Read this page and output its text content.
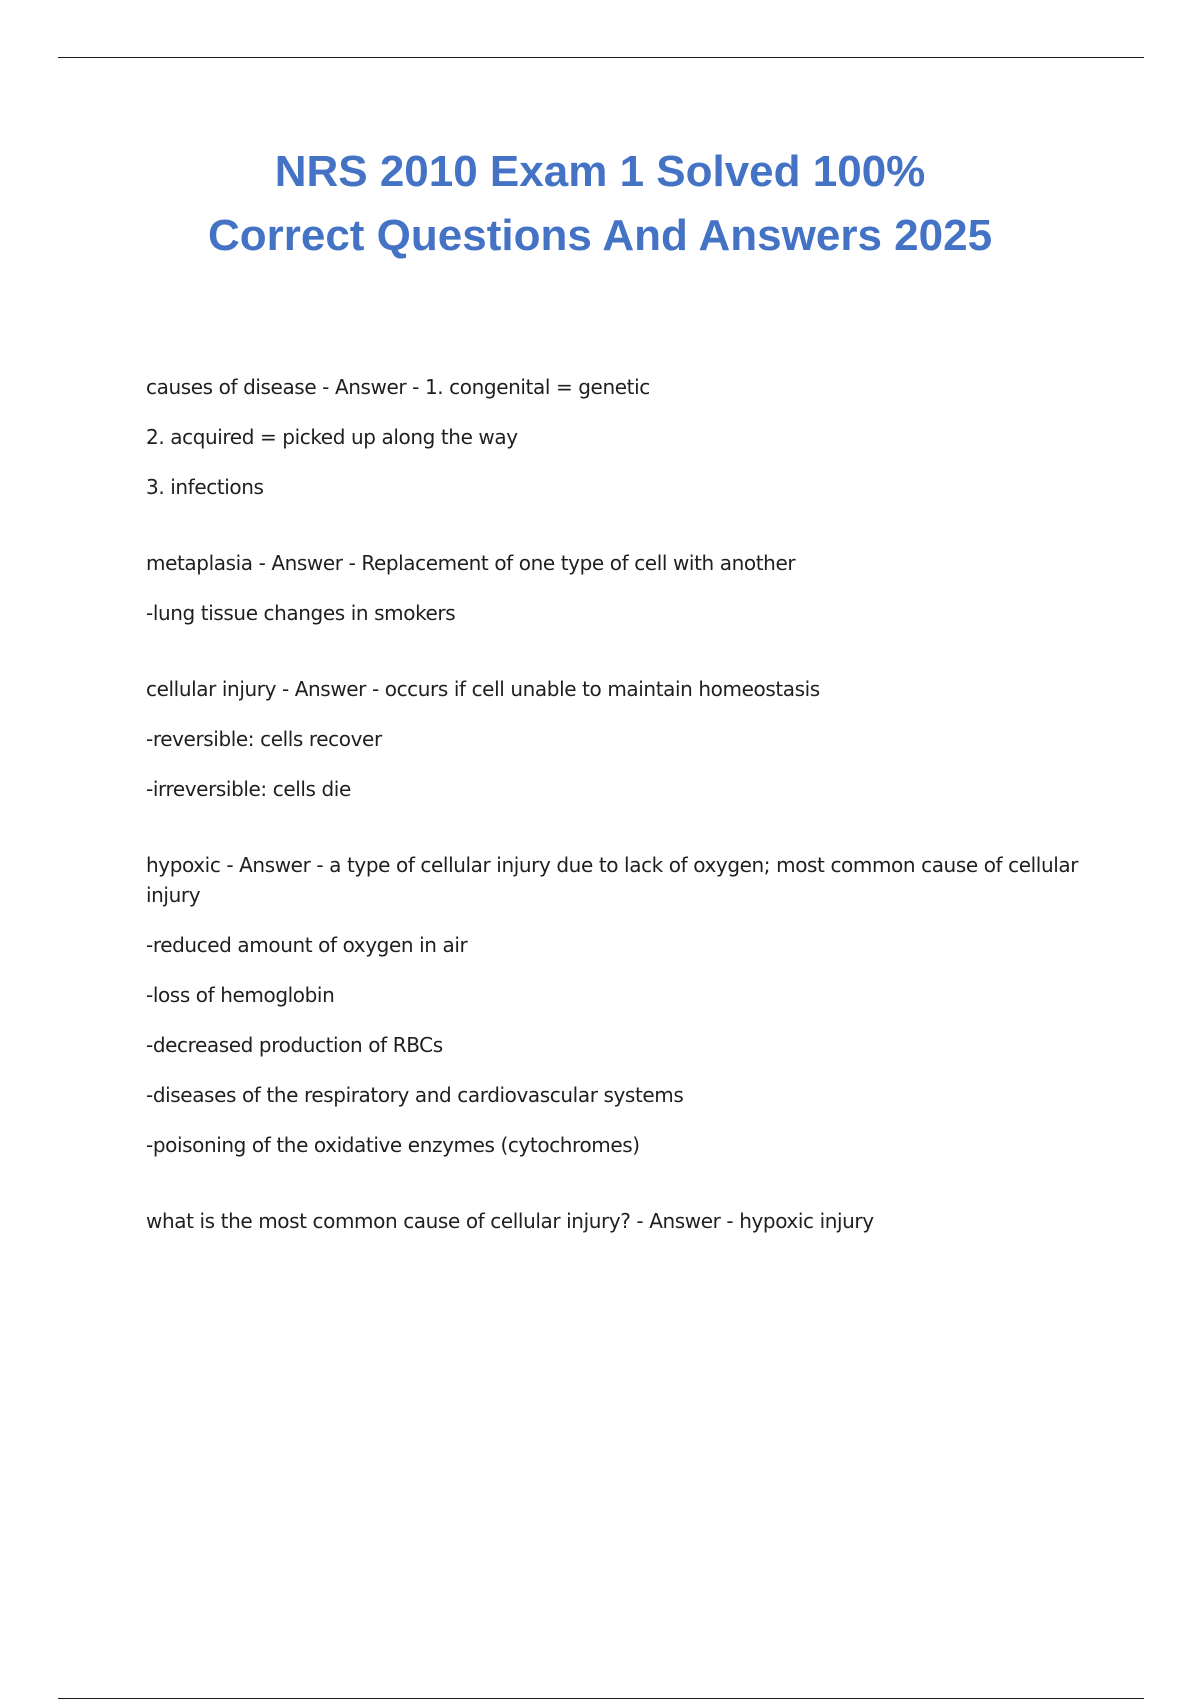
NRS 2010 Exam 1 Solved 100%
Correct Questions And Answers 2025

causes of disease - Answer - 1. congenital = genetic

2. acquired = picked up along the way

3. infections

metaplasia - Answer - Replacement of one type of cell with another

-lung tissue changes in smokers

cellular injury - Answer - occurs if cell unable to maintain homeostasis

-reversible: cells recover

-irreversible: cells die

hypoxic - Answer - a type of cellular injury due to lack of oxygen; most common cause of cellular injury

-reduced amount of oxygen in air

-loss of hemoglobin

-decreased production of RBCs

-diseases of the respiratory and cardiovascular systems

-poisoning of the oxidative enzymes (cytochromes)

what is the most common cause of cellular injury? - Answer - hypoxic injury
